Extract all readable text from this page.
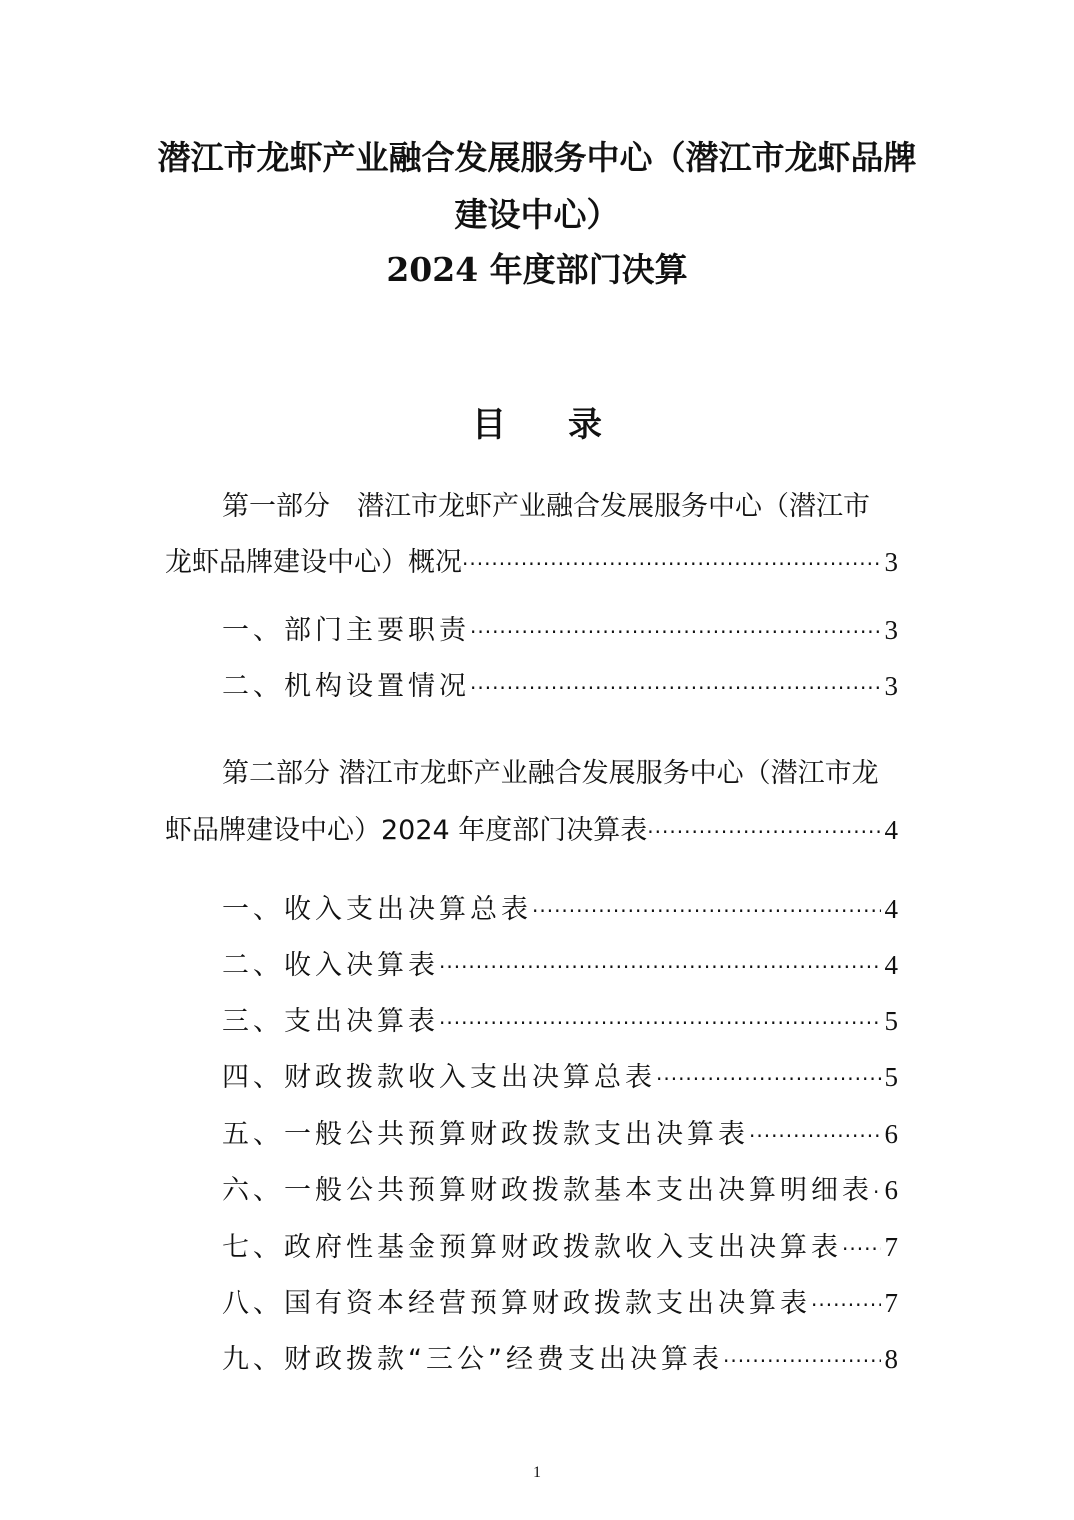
潜江市龙虾产业融合发展服务中心（潜江市龙虾品牌
建设中心）
2024 年度部门决算
目录
第一部分　潜江市龙虾产业融合发展服务中心（潜江市
龙虾品牌建设中心）概况 ·····	3
一、部门主要职责 ·····	3
二、机构设置情况 ·····	3
第二部分 潜江市龙虾产业融合发展服务中心（潜江市龙
虾品牌建设中心）2024 年度部门决算表 ·····	4
一、收入支出决算总表 ·····	4
二、收入决算表 ·····	4
三、支出决算表 ·····	5
四、财政拨款收入支出决算总表 ·····	5
五、一般公共预算财政拨款支出决算表 ·····	6
六、一般公共预算财政拨款基本支出决算明细表 ····· 6
七、政府性基金预算财政拨款收入支出决算表 ····· 7
八、国有资本经营预算财政拨款支出决算表 ·····	7
九、财政拨款“三公”经费支出决算表 ·····	8
1
